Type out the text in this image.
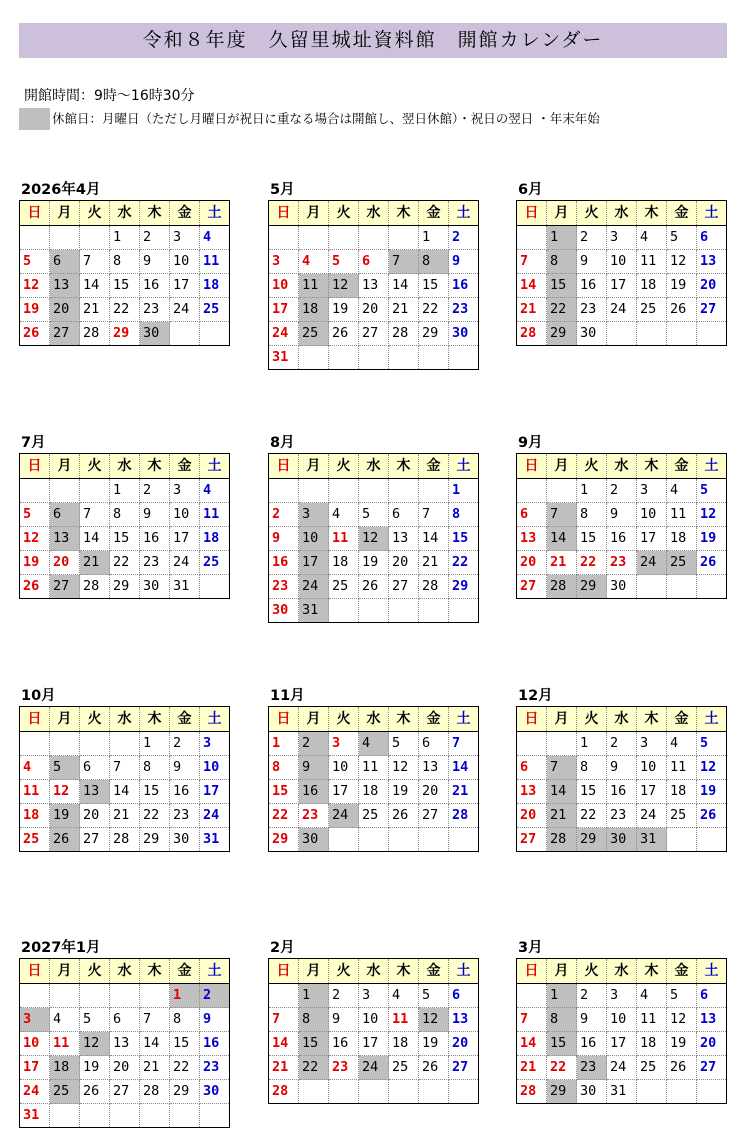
令和８年度　久留里城址資料館　開館カレンダー
開館時間：9時～16時30分
休館日：月曜日（ただし月曜日が祝日に重なる場合は開館し、翌日休館）・祝日の翌日 ・年末年始
2026年4月
日	月	火	水	木	金	土
			1	2	3	4
5	6	7	8	9	10	11
12	13	14	15	16	17	18
19	20	21	22	23	24	25
26	27	28	29	30		
5月
日	月	火	水	木	金	土
					1	2
3	4	5	6	7	8	9
10	11	12	13	14	15	16
17	18	19	20	21	22	23
24	25	26	27	28	29	30
31						
6月
日	月	火	水	木	金	土
	1	2	3	4	5	6
7	8	9	10	11	12	13
14	15	16	17	18	19	20
21	22	23	24	25	26	27
28	29	30				
7月
日	月	火	水	木	金	土
			1	2	3	4
5	6	7	8	9	10	11
12	13	14	15	16	17	18
19	20	21	22	23	24	25
26	27	28	29	30	31	
8月
日	月	火	水	木	金	土
						1
2	3	4	5	6	7	8
9	10	11	12	13	14	15
16	17	18	19	20	21	22
23	24	25	26	27	28	29
30	31					
9月
日	月	火	水	木	金	土
		1	2	3	4	5
6	7	8	9	10	11	12
13	14	15	16	17	18	19
20	21	22	23	24	25	26
27	28	29	30			
10月
日	月	火	水	木	金	土
				1	2	3
4	5	6	7	8	9	10
11	12	13	14	15	16	17
18	19	20	21	22	23	24
25	26	27	28	29	30	31
11月
日	月	火	水	木	金	土
1	2	3	4	5	6	7
8	9	10	11	12	13	14
15	16	17	18	19	20	21
22	23	24	25	26	27	28
29	30					
12月
日	月	火	水	木	金	土
		1	2	3	4	5
6	7	8	9	10	11	12
13	14	15	16	17	18	19
20	21	22	23	24	25	26
27	28	29	30	31		
2027年1月
日	月	火	水	木	金	土
					1	2
3	4	5	6	7	8	9
10	11	12	13	14	15	16
17	18	19	20	21	22	23
24	25	26	27	28	29	30
31						
2月
日	月	火	水	木	金	土
	1	2	3	4	5	6
7	8	9	10	11	12	13
14	15	16	17	18	19	20
21	22	23	24	25	26	27
28						
3月
日	月	火	水	木	金	土
	1	2	3	4	5	6
7	8	9	10	11	12	13
14	15	16	17	18	19	20
21	22	23	24	25	26	27
28	29	30	31			
